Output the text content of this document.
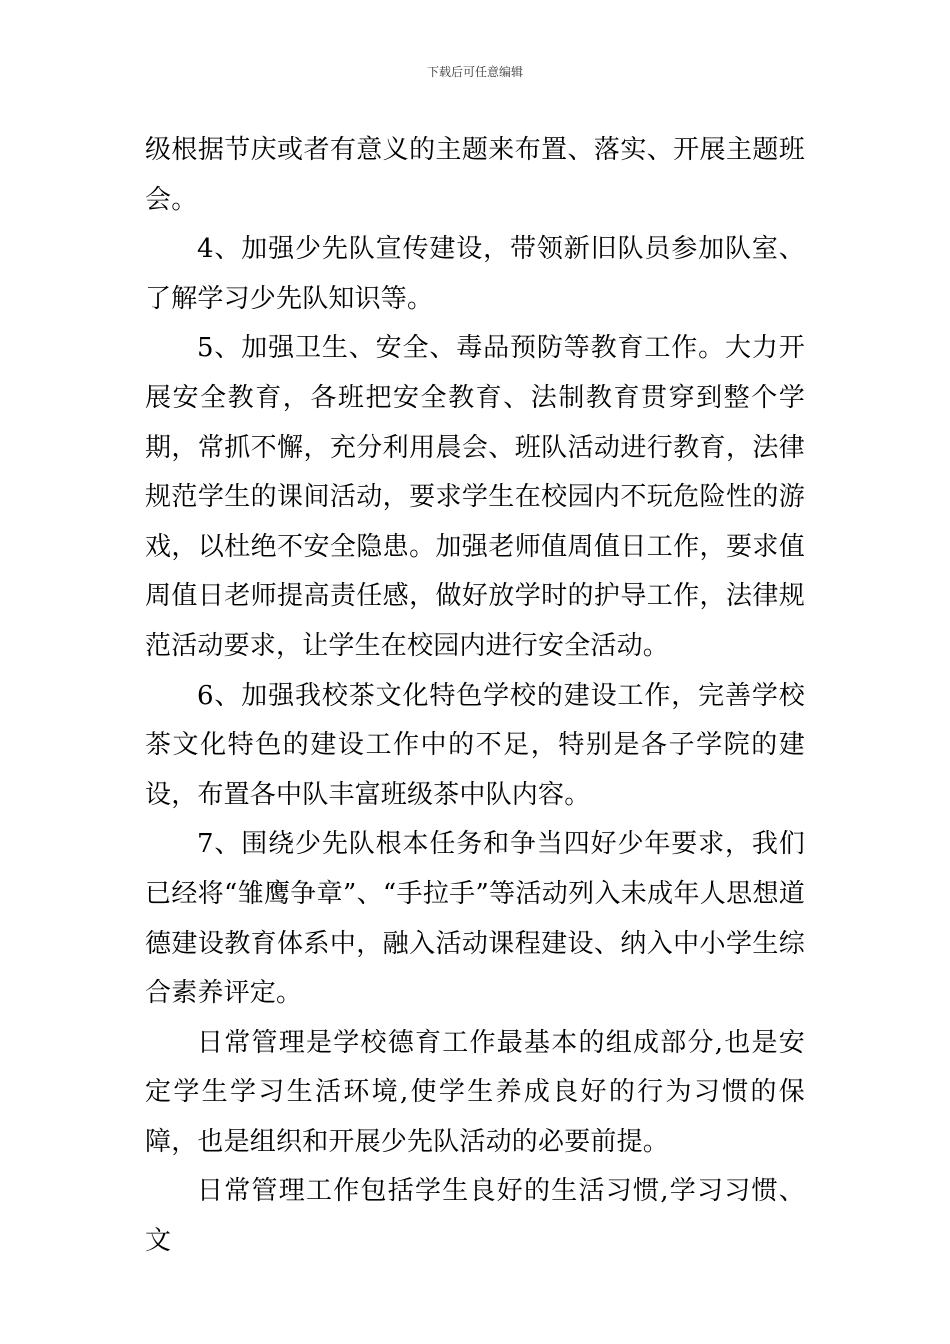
下载后可任意编辑

级根据节庆或者有意义的主题来布置、落实、开展主题班会。

4、加强少先队宣传建设，带领新旧队员参加队室、了解学习少先队知识等。

5、加强卫生、安全、毒品预防等教育工作。大力开展安全教育，各班把安全教育、法制教育贯穿到整个学期，常抓不懈，充分利用晨会、班队活动进行教育，法律规范学生的课间活动，要求学生在校园内不玩危险性的游戏，以杜绝不安全隐患。加强老师值周值日工作，要求值周值日老师提高责任感，做好放学时的护导工作，法律规范活动要求，让学生在校园内进行安全活动。

6、加强我校茶文化特色学校的建设工作，完善学校茶文化特色的建设工作中的不足，特别是各子学院的建设，布置各中队丰富班级茶中队内容。

7、围绕少先队根本任务和争当四好少年要求，我们已经将“雏鹰争章”、“手拉手”等活动列入未成年人思想道德建设教育体系中，融入活动课程建设、纳入中小学生综合素养评定。

日常管理是学校德育工作最基本的组成部分,也是安定学生学习生活环境,使学生养成良好的行为习惯的保障，也是组织和开展少先队活动的必要前提。

日常管理工作包括学生良好的生活习惯,学习习惯、文
